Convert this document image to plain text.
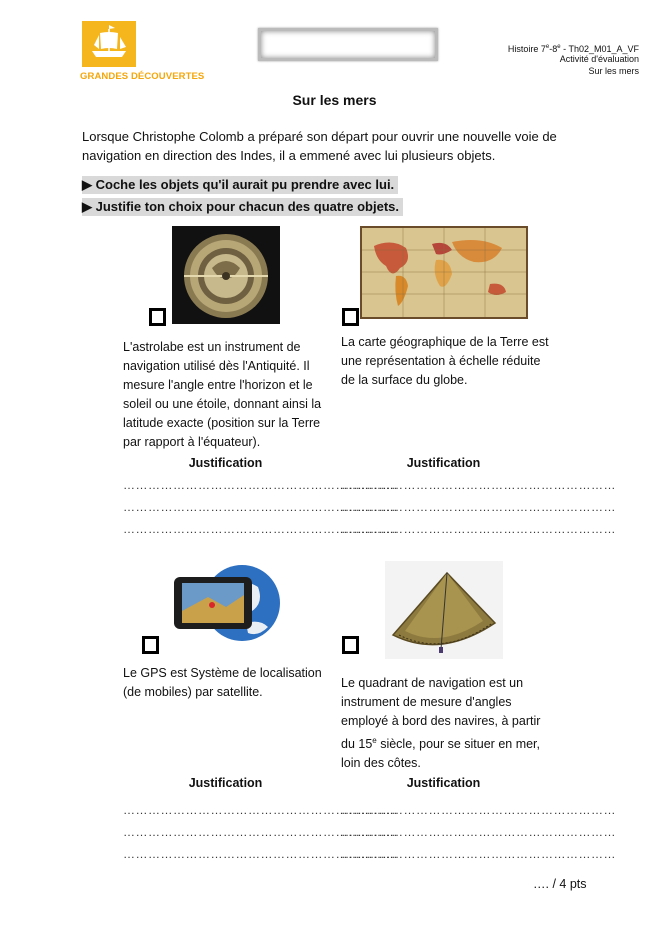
GRANDES DÉCOUVERTES
Histoire 7e-8e - Th02_M01_A_VF
Activité d'évaluation
Sur les mers
Sur les mers
Lorsque Christophe Colomb a préparé son départ pour ouvrir une nouvelle voie de navigation en direction des Indes, il a emmené avec lui plusieurs objets.
▶ Coche les objets qu'il aurait pu prendre avec lui.
▶ Justifie ton choix pour chacun des quatre objets.
L'astrolabe est un instrument de navigation utilisé dès l'Antiquité. Il mesure l'angle entre l'horizon et le soleil ou une étoile, donnant ainsi la latitude exacte (position sur la Terre par rapport à l'équateur).
Justification
…………………………………………………………
…………………………………………………………
…………………………………………………………
La carte géographique de la Terre est une représentation à échelle réduite de la surface du globe.
Justification
…………………………………………………………
…………………………………………………………
…………………………………………………………
Le GPS est Système de localisation (de mobiles) par satellite.
Justification
…………………………………………………………
…………………………………………………………
…………………………………………………………
Le quadrant de navigation est un instrument de mesure d'angles employé à bord des navires, à partir du 15e siècle, pour se situer en mer, loin des côtes.
Justification
…………………………………………………………
…………………………………………………………
…………………………………………………………
…. / 4 pts
